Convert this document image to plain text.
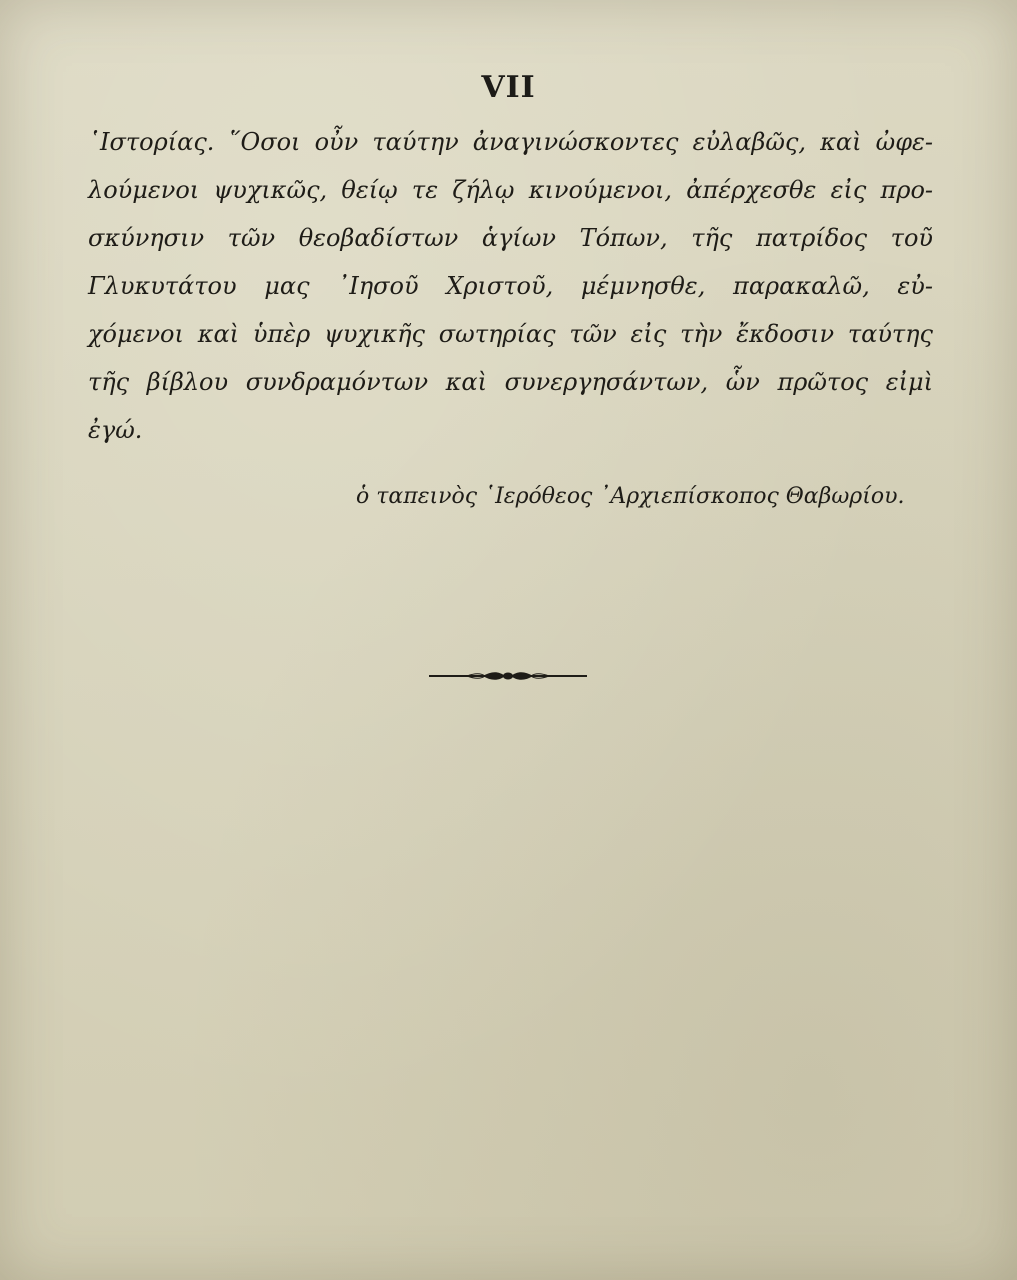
VII
῾Ιστορίας. ῞Οσοι οὖν ταύτην ἀναγινώσκοντες εὐλαβῶς, καὶ ὠφε-
λούμενοι ψυχικῶς, θείῳ τε ζήλῳ κινούμενοι, ἀπέρχεσθε εἰς προ-
σκύνησιν τῶν θεοβαδίστων ἁγίων Τόπων, τῆς πατρίδος τοῦ
Γλυκυτάτου μας ᾿Ιησοῦ Χριστοῦ, μέμνησθε, παρακαλῶ, εὐ-
χόμενοι καὶ ὑπὲρ ψυχικῆς σωτηρίας τῶν εἰς τὴν ἔκδοσιν ταύτης
τῆς βίβλου συνδραμόντων καὶ συνεργησάντων, ὧν πρῶτος εἰμὶ
ἐγώ.
ὁ ταπεινὸς ῾Ιερόθεος ᾿Αρχιεπίσκοπος Θαβωρίου.
